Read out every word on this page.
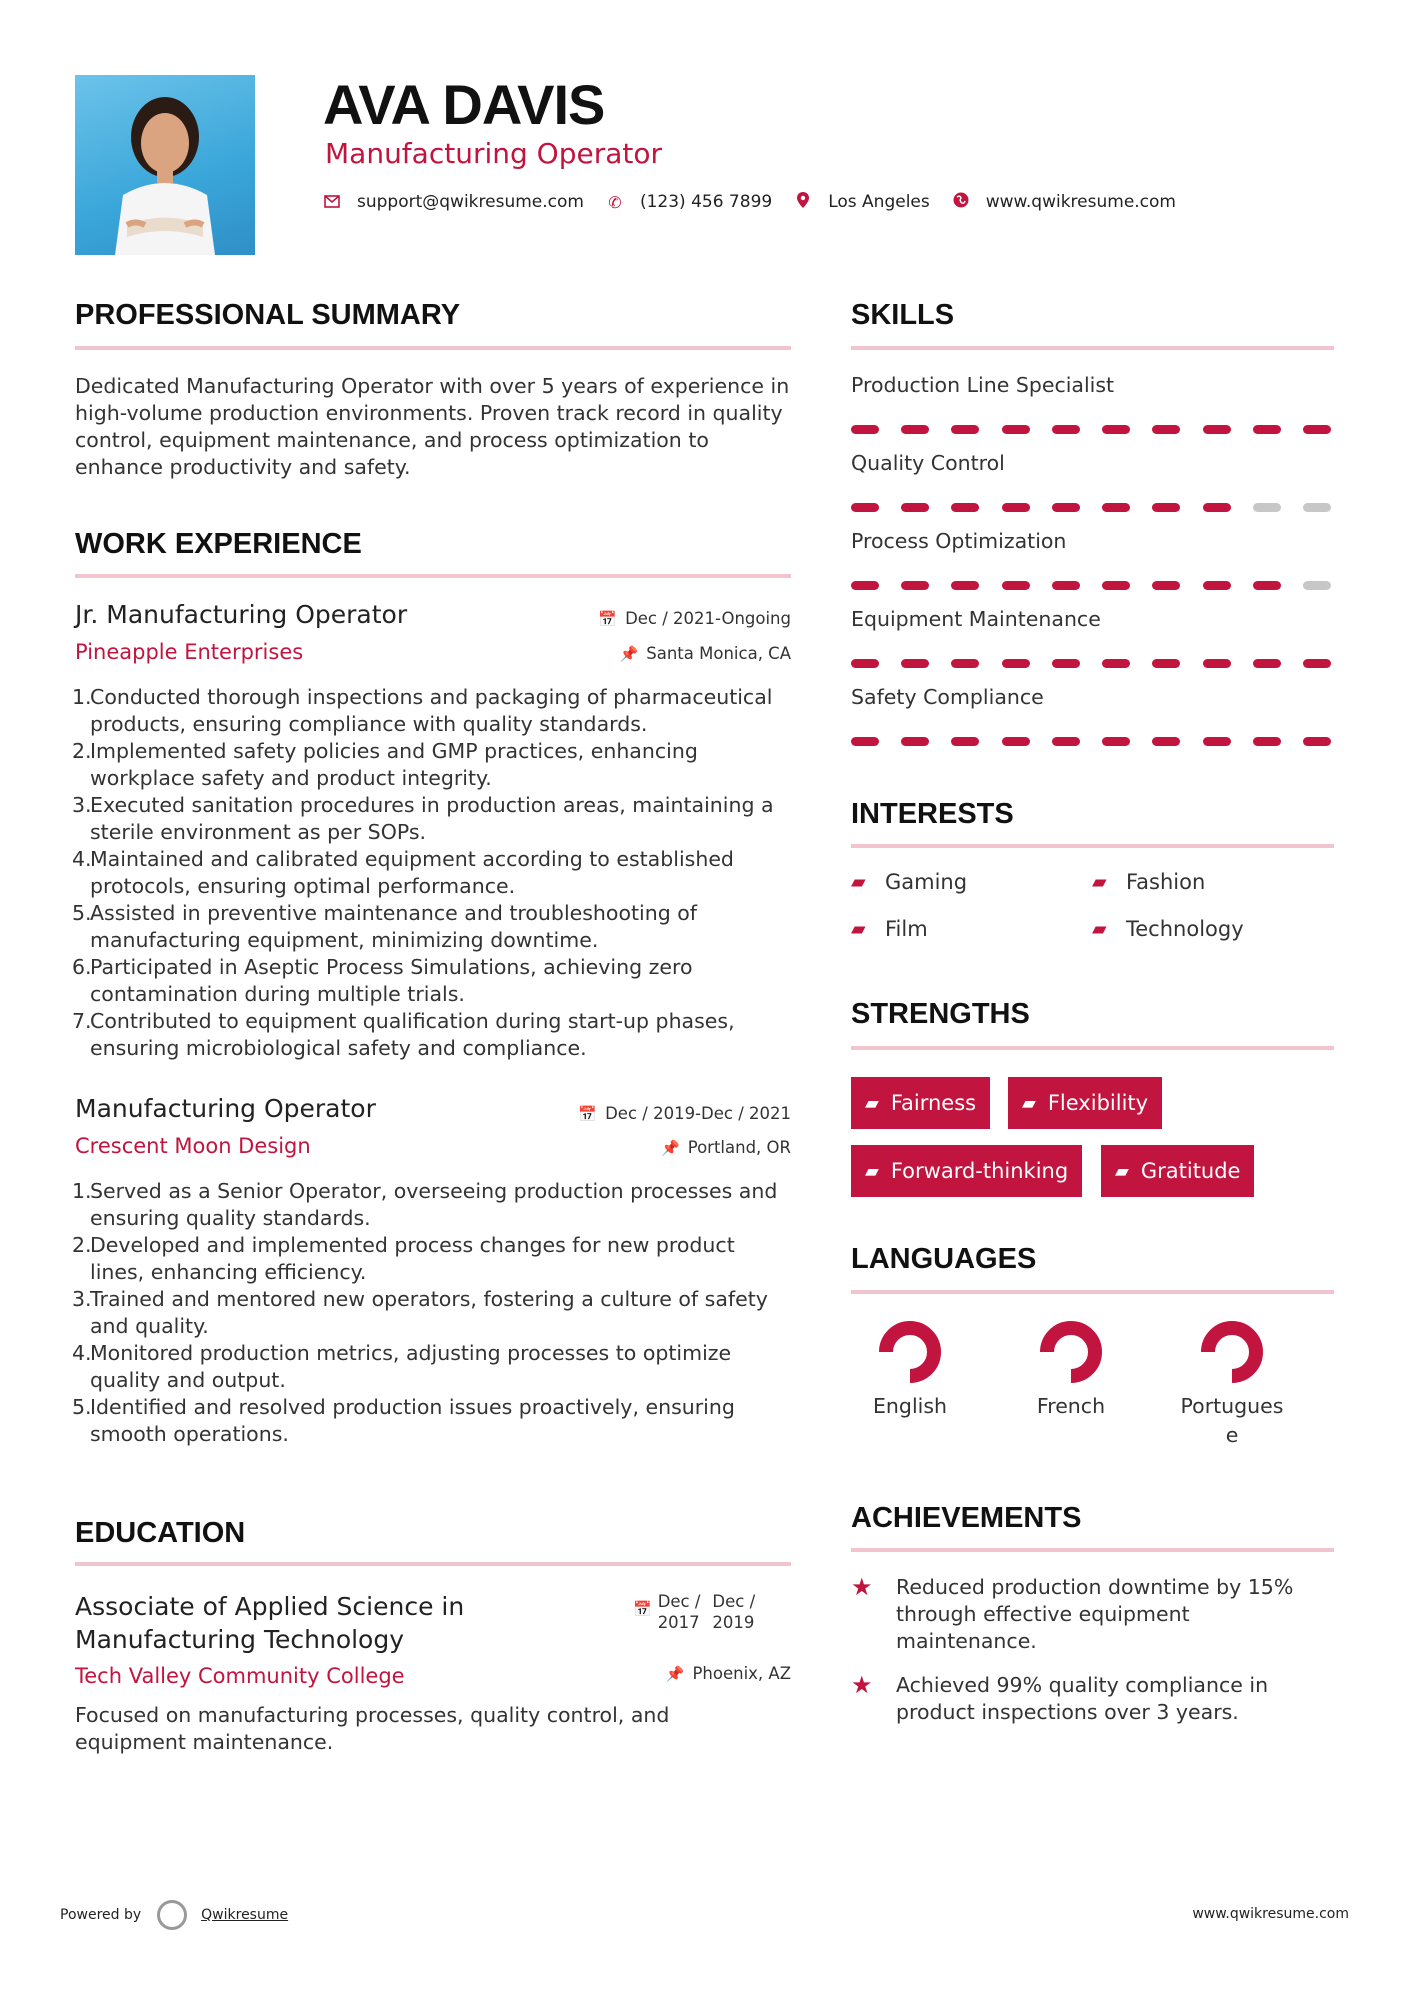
AVA DAVIS
Manufacturing Operator
support@qwikresume.com ✆ (123) 456 7899	Los Angeles	www.qwikresume.com
PROFESSIONAL SUMMARY
Dedicated Manufacturing Operator with over 5 years of experience in
high-volume production environments. Proven track record in quality
control, equipment maintenance, and process optimization to
enhance productivity and safety.
WORK EXPERIENCE
Jr. Manufacturing Operator	📅 Dec / 2021-Ongoing
Pineapple Enterprises	📌 Santa Monica, CA
1.
Conducted thorough inspections and packaging of pharmaceutical
products, ensuring compliance with quality standards.
2.
Implemented safety policies and GMP practices, enhancing
workplace safety and product integrity.
3.
Executed sanitation procedures in production areas, maintaining a
sterile environment as per SOPs.
4.
Maintained and calibrated equipment according to established
protocols, ensuring optimal performance.
5.
Assisted in preventive maintenance and troubleshooting of
manufacturing equipment, minimizing downtime.
6.
Participated in Aseptic Process Simulations, achieving zero
contamination during multiple trials.
7.
Contributed to equipment qualification during start-up phases,
ensuring microbiological safety and compliance.
Manufacturing Operator	📅 Dec / 2019-Dec / 2021
Crescent Moon Design	📌 Portland, OR
1.
Served as a Senior Operator, overseeing production processes and
ensuring quality standards.
2.
Developed and implemented process changes for new product
lines, enhancing efficiency.
3.
Trained and mentored new operators, fostering a culture of safety
and quality.
4.
Monitored production metrics, adjusting processes to optimize
quality and output.
5.
Identified and resolved production issues proactively, ensuring
smooth operations.
EDUCATION
Associate of Applied Science in
Manufacturing Technology
📅 Dec /
2017
Dec /
2019
Tech Valley Community College	📌 Phoenix, AZ
Focused on manufacturing processes, quality control, and
equipment maintenance.
SKILLS
Production Line Specialist
Quality Control
Process Optimization
Equipment Maintenance
Safety Compliance
INTERESTS
▰ Gaming	▰ Fashion
▰ Film	▰ Technology
STRENGTHS
▰ Fairness	▰ Flexibility
▰ Forward-thinking	▰ Gratitude
LANGUAGES
English	French	Portugues
e
ACHIEVEMENTS
★	Reduced production downtime by 15%
through effective equipment
maintenance.
★	Achieved 99% quality compliance in
product inspections over 3 years.
Powered by	Qwikresume	www.qwikresume.com
